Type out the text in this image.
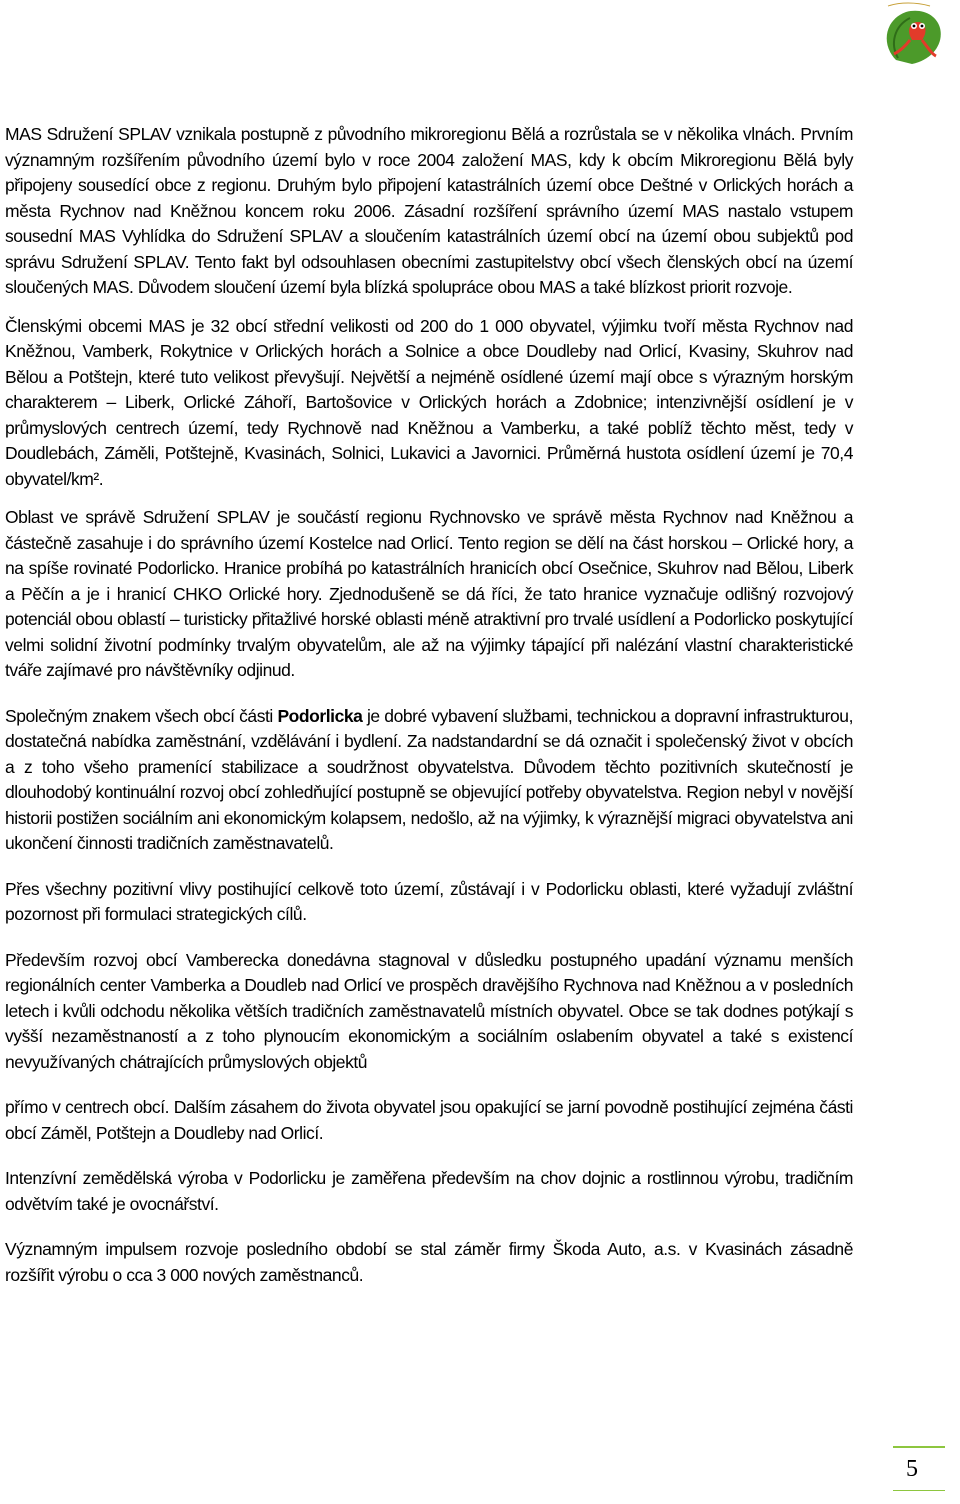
MAS Sdružení SPLAV vznikala postupně z původního mikroregionu Bělá a rozrůstala se v několika vlnách. Prvním významným rozšířením původního území bylo v roce 2004 založení MAS, kdy k obcím Mikroregionu Bělá byly připojeny sousedící obce z regionu. Druhým bylo připojení katastrálních území obce Deštné v Orlických horách a města Rychnov nad Kněžnou koncem roku 2006. Zásadní rozšíření správního území MAS nastalo vstupem sousední MAS Vyhlídka do Sdružení SPLAV a sloučením katastrálních území obcí na území obou subjektů pod správu Sdružení SPLAV. Tento fakt byl odsouhlasen obecními zastupitelstvy obcí všech členských obcí na území sloučených MAS. Důvodem sloučení území byla blízká spolupráce obou MAS a také blízkost priorit rozvoje.

Členskými obcemi MAS je 32 obcí střední velikosti od 200 do 1 000 obyvatel, výjimku tvoří města Rychnov nad Kněžnou, Vamberk, Rokytnice v Orlických horách a Solnice a obce Doudleby nad Orlicí, Kvasiny, Skuhrov nad Bělou a Potštejn, které tuto velikost převyšují. Největší a nejméně osídlené území mají obce s výrazným horským charakterem – Liberk, Orlické Záhoří, Bartošovice v Orlických horách a Zdobnice; intenzivnější osídlení je v průmyslových centrech území, tedy Rychnově nad Kněžnou a Vamberku, a také poblíž těchto měst, tedy v Doudlebách, Záměli, Potštejně, Kvasinách, Solnici, Lukavici a Javornici. Průměrná hustota osídlení území je 70,4 obyvatel/km².

Oblast ve správě Sdružení SPLAV je součástí regionu Rychnovsko ve správě města Rychnov nad Kněžnou a částečně zasahuje i do správního území Kostelce nad Orlicí. Tento region se dělí na část horskou – Orlické hory, a na spíše rovinaté Podorlicko. Hranice probíhá po katastrálních hranicích obcí Osečnice, Skuhrov nad Bělou, Liberk a Pěčín a je i hranicí CHKO Orlické hory. Zjednodušeně se dá říci, že tato hranice vyznačuje odlišný rozvojový potenciál obou oblastí – turisticky přitažlivé horské oblasti méně atraktivní pro trvalé usídlení a Podorlicko poskytující velmi solidní životní podmínky trvalým obyvatelům, ale až na výjimky tápající při nalézání vlastní charakteristické tváře zajímavé pro návštěvníky odjinud.

Společným znakem všech obcí části Podorlicka je dobré vybavení službami, technickou a dopravní infrastrukturou, dostatečná nabídka zaměstnání, vzdělávání i bydlení. Za nadstandardní se dá označit i společenský život v obcích a z toho všeho pramenící stabilizace a soudržnost obyvatelstva. Důvodem těchto pozitivních skutečností je dlouhodobý kontinuální rozvoj obcí zohledňující postupně se objevující potřeby obyvatelstva. Region nebyl v novější historii postižen sociálním ani ekonomickým kolapsem, nedošlo, až na výjimky, k výraznější migraci obyvatelstva ani ukončení činnosti tradičních zaměstnavatelů.

Přes všechny pozitivní vlivy postihující celkově toto území, zůstávají i v Podorlicku oblasti, které vyžadují zvláštní pozornost při formulaci strategických cílů.

Především rozvoj obcí Vamberecka donedávna stagnoval v důsledku postupného upadání významu menších regionálních center Vamberka a Doudleb nad Orlicí ve prospěch dravějšího Rychnova nad Kněžnou a v posledních letech i kvůli odchodu několika větších tradičních zaměstnavatelů místních obyvatel. Obce se tak dodnes potýkají s vyšší nezaměstnaností a z toho plynoucím ekonomickým a sociálním oslabením obyvatel a také s existencí nevyužívaných chátrajících průmyslových objektů

přímo v centrech obcí. Dalším zásahem do života obyvatel jsou opakující se jarní povodně postihující zejména části obcí Záměl, Potštejn a Doudleby nad Orlicí.

Intenzívní zemědělská výroba v Podorlicku je zaměřena především na chov dojnic a rostlinnou výrobu, tradičním odvětvím také je ovocnářství.

Významným impulsem rozvoje posledního období se stal záměr firmy Škoda Auto, a.s. v Kvasinách zásadně rozšířit výrobu o cca 3 000 nových zaměstnanců.

5
